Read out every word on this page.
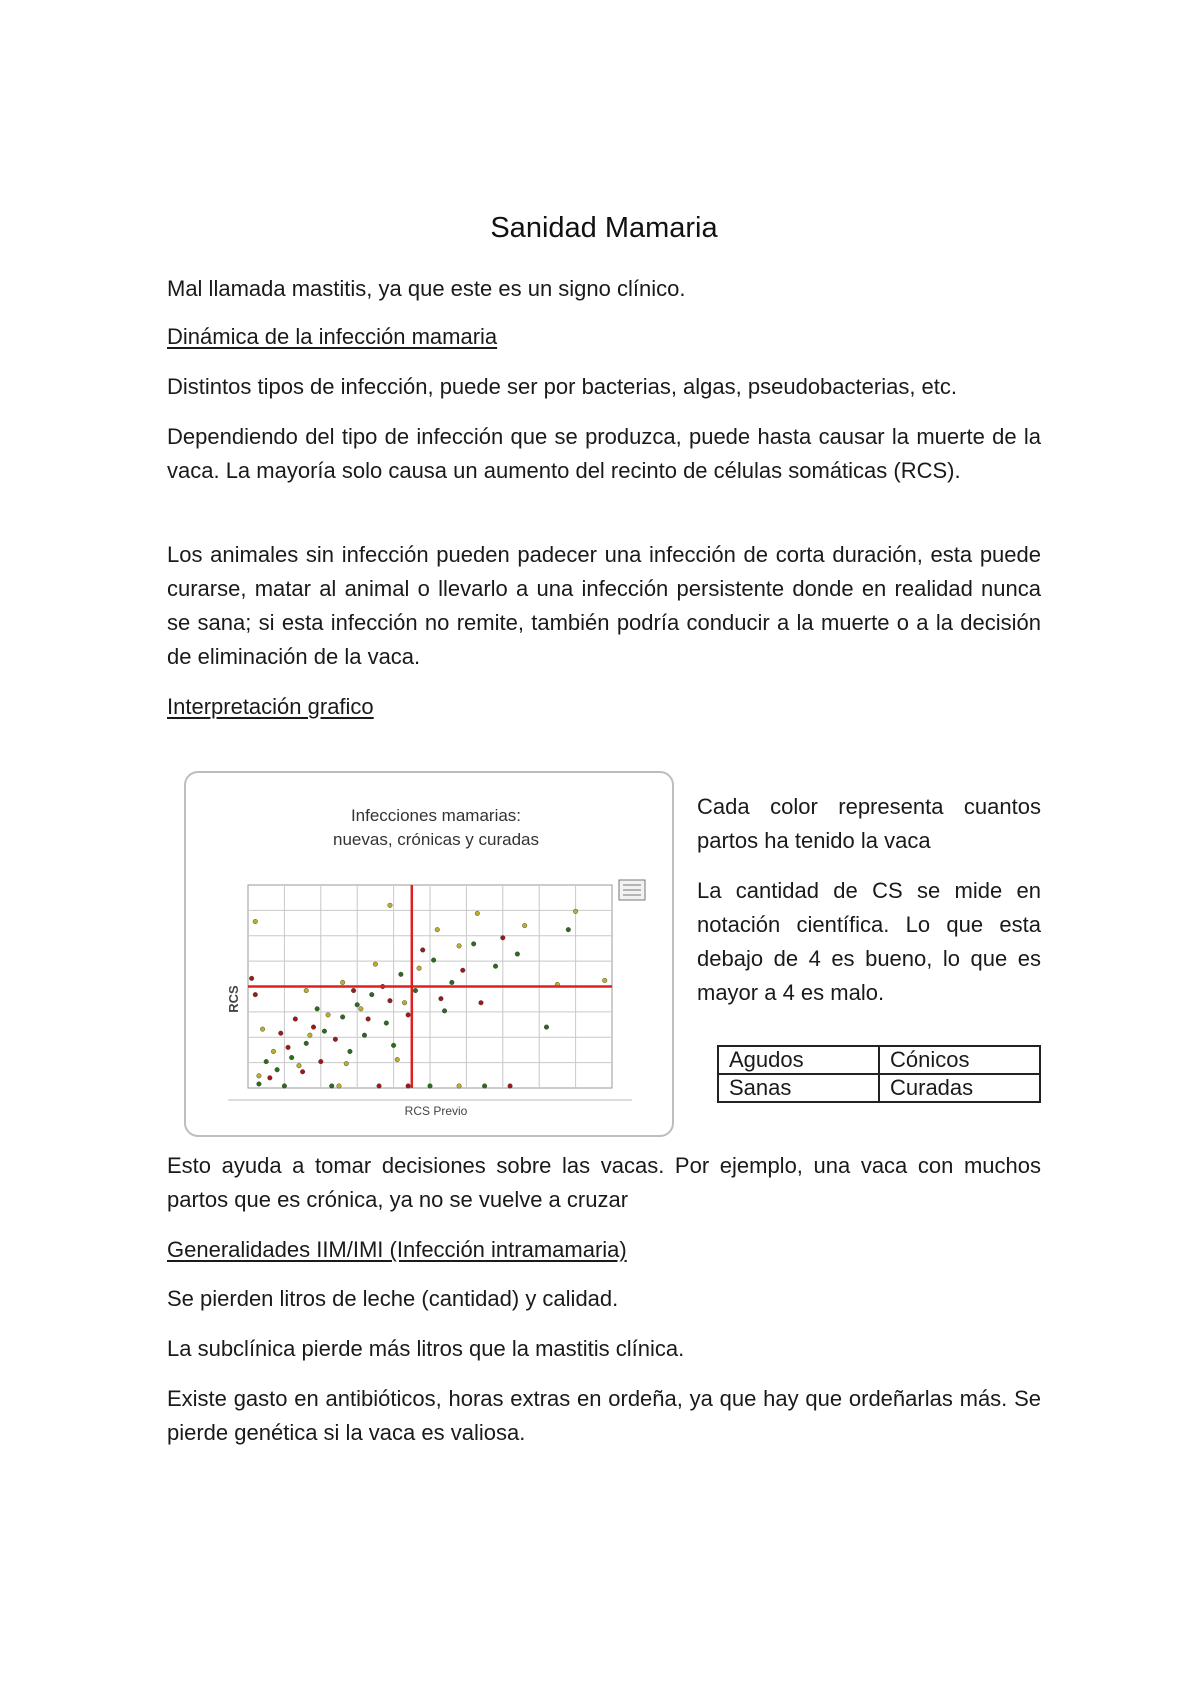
Sanidad Mamaria

Mal llamada mastitis, ya que este es un signo clínico.

Dinámica de la infección mamaria

Distintos tipos de infección, puede ser por bacterias, algas, pseudobacterias, etc.

Dependiendo del tipo de infección que se produzca, puede hasta causar la muerte de la vaca. La mayoría solo causa un aumento del recinto de células somáticas (RCS).

Los animales sin infección pueden padecer una infección de corta duración, esta puede curarse, matar al animal o llevarlo a una infección persistente donde en realidad nunca se sana; si esta infección no remite, también podría conducir a la muerte o a la decisión de eliminación de la vaca.

Interpretación grafico

Infecciones mamarias:
nuevas, crónicas y curadas
RCS
RCS Previo

Cada color representa cuantos partos ha tenido la vaca

La cantidad de CS se mide en notación científica. Lo que esta debajo de 4 es bueno, lo que es mayor a 4 es malo.

Agudos	Cónicos
Sanas	Curadas

Esto ayuda a tomar decisiones sobre las vacas. Por ejemplo, una vaca con muchos partos que es crónica, ya no se vuelve a cruzar

Generalidades IIM/IMI (Infección intramamaria)

Se pierden litros de leche (cantidad) y calidad.

La subclínica pierde más litros que la mastitis clínica.

Existe gasto en antibióticos, horas extras en ordeña, ya que hay que ordeñarlas más. Se pierde genética si la vaca es valiosa.
